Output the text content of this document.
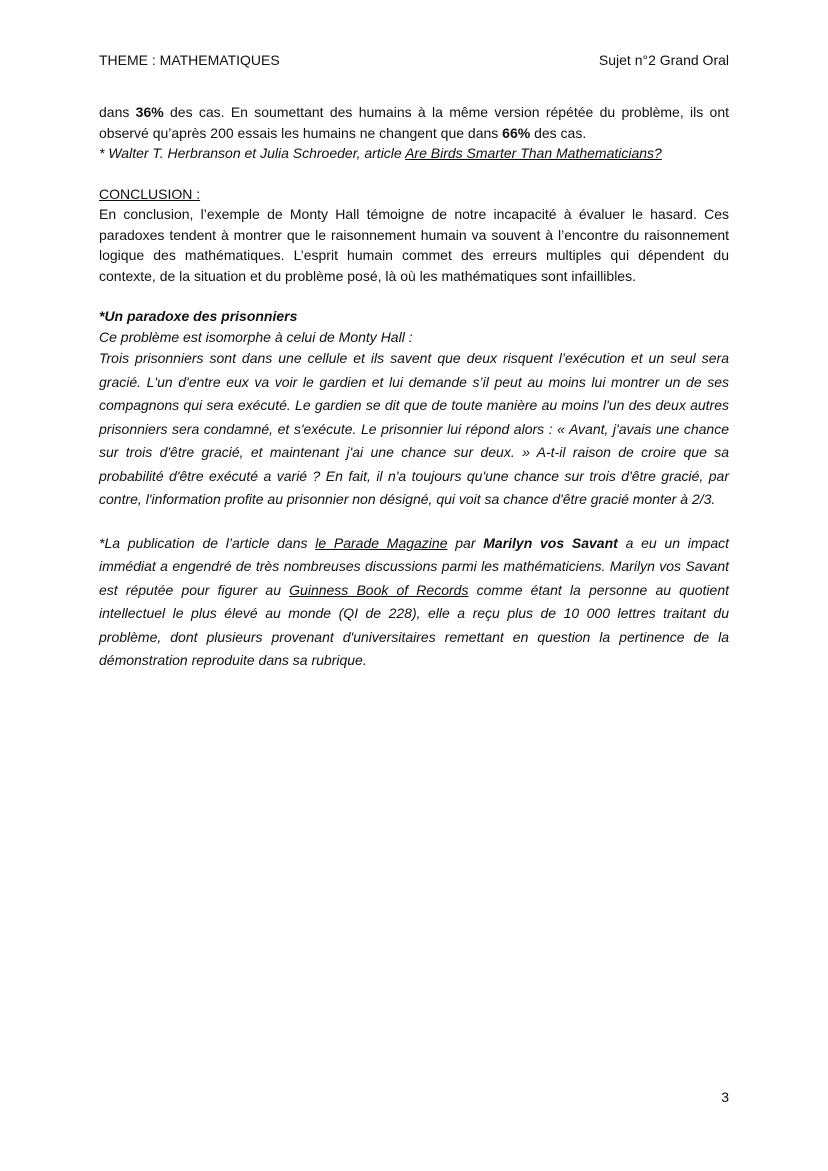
THEME : MATHEMATIQUES	Sujet n°2 Grand Oral

dans 36% des cas. En soumettant des humains à la même version répétée du problème, ils ont observé qu’après 200 essais les humains ne changent que dans 66% des cas.

* Walter T. Herbranson et Julia Schroeder, article Are Birds Smarter Than Mathematicians?

CONCLUSION :

En conclusion, l’exemple de Monty Hall témoigne de notre incapacité à évaluer le hasard. Ces paradoxes tendent à montrer que le raisonnement humain va souvent à l’encontre du raisonnement logique des mathématiques. L’esprit humain commet des erreurs multiples qui dépendent du contexte, de la situation et du problème posé, là où les mathématiques sont infaillibles.

*Un paradoxe des prisonniers

Ce problème est isomorphe à celui de Monty Hall :

Trois prisonniers sont dans une cellule et ils savent que deux risquent l’exécution et un seul sera gracié. L'un d'entre eux va voir le gardien et lui demande s’il peut au moins lui montrer un de ses compagnons qui sera exécuté. Le gardien se dit que de toute manière au moins l'un des deux autres prisonniers sera condamné, et s'exécute. Le prisonnier lui répond alors : « Avant, j'avais une chance sur trois d'être gracié, et maintenant j'ai une chance sur deux. » A-t-il raison de croire que sa probabilité d'être exécuté a varié ? En fait, il n'a toujours qu'une chance sur trois d'être gracié, par contre, l'information profite au prisonnier non désigné, qui voit sa chance d'être gracié monter à 2/3.

*La publication de l’article dans le Parade Magazine par Marilyn vos Savant a eu un impact immédiat a engendré de très nombreuses discussions parmi les mathématiciens. Marilyn vos Savant est réputée pour figurer au Guinness Book of Records comme étant la personne au quotient intellectuel le plus élevé au monde (QI de 228), elle a reçu plus de 10 000 lettres traitant du problème, dont plusieurs provenant d'universitaires remettant en question la pertinence de la démonstration reproduite dans sa rubrique.

3
